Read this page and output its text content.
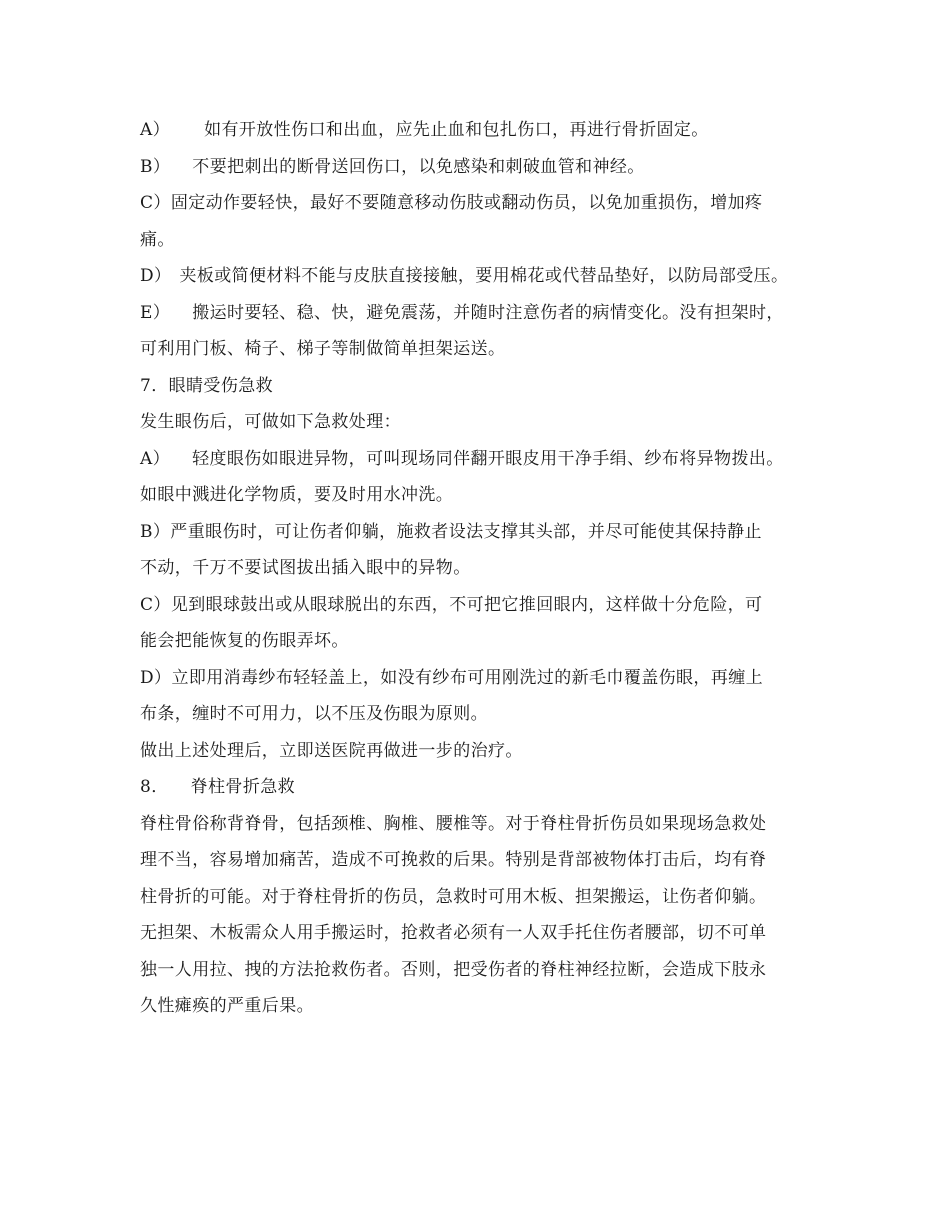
A） 如有开放性伤口和出血，应先止血和包扎伤口，再进行骨折固定。
B） 不要把刺出的断骨送回伤口，以免感染和刺破血管和神经。
C）固定动作要轻快，最好不要随意移动伤肢或翻动伤员，以免加重损伤，增加疼
痛。
D） 夹板或简便材料不能与皮肤直接接触，要用棉花或代替品垫好，以防局部受压。
E） 搬运时要轻、稳、快，避免震荡，并随时注意伤者的病情变化。没有担架时，
可利用门板、椅子、梯子等制做简单担架运送。
7．眼睛受伤急救
发生眼伤后，可做如下急救处理：
A） 轻度眼伤如眼进异物，可叫现场同伴翻开眼皮用干净手绢、纱布将异物拨出。
如眼中溅进化学物质，要及时用水冲洗。
B）严重眼伤时，可让伤者仰躺，施救者设法支撑其头部，并尽可能使其保持静止
不动，千万不要试图拔出插入眼中的异物。
C）见到眼球鼓出或从眼球脱出的东西，不可把它推回眼内，这样做十分危险，可
能会把能恢复的伤眼弄坏。
D）立即用消毒纱布轻轻盖上，如没有纱布可用刚洗过的新毛巾覆盖伤眼，再缠上
布条，缠时不可用力，以不压及伤眼为原则。
做出上述处理后，立即送医院再做进一步的治疗。
8． 脊柱骨折急救
脊柱骨俗称背脊骨，包括颈椎、胸椎、腰椎等。对于脊柱骨折伤员如果现场急救处
理不当，容易增加痛苦，造成不可挽救的后果。特别是背部被物体打击后，均有脊
柱骨折的可能。对于脊柱骨折的伤员，急救时可用木板、担架搬运，让伤者仰躺。
无担架、木板需众人用手搬运时，抢救者必须有一人双手托住伤者腰部，切不可单
独一人用拉、拽的方法抢救伤者。否则，把受伤者的脊柱神经拉断，会造成下肢永
久性瘫痪的严重后果。
